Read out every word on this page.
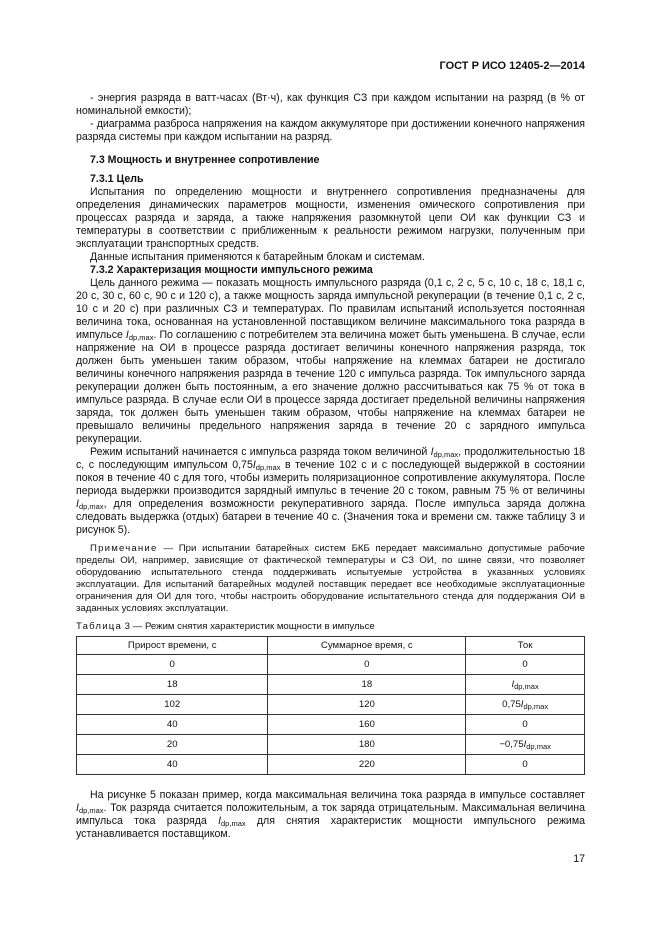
ГОСТ Р ИСО 12405-2—2014

- энергия разряда в ватт-часах (Вт·ч), как функция СЗ при каждом испытании на разряд (в % от номинальной емкости);

- диаграмма разброса напряжения на каждом аккумуляторе при достижении конечного напряжения разряда системы при каждом испытании на разряд.

7.3 Мощность и внутреннее сопротивление

7.3.1 Цель

Испытания по определению мощности и внутреннего сопротивления предназначены для определения динамических параметров мощности, изменения омического сопротивления при процессах разряда и заряда, а также напряжения разомкнутой цепи ОИ как функции СЗ и температуры в соответствии с приближенным к реальности режимом нагрузки, полученным при эксплуатации транспортных средств.

Данные испытания применяются к батарейным блокам и системам.

7.3.2 Характеризация мощности импульсного режима

Цель данного режима — показать мощность импульсного разряда (0,1 с, 2 с, 5 с, 10 с, 18 с, 18,1 с, 20 с, 30 с, 60 с, 90 с и 120 с), а также мощность заряда импульсной рекуперации (в течение 0,1 с, 2 с, 10 с и 20 с) при различных СЗ и температурах. По правилам испытаний используется постоянная величина тока, основанная на установленной поставщиком величине максимального тока разряда в импульсе $I_{dp,max}$. По соглашению с потребителем эта величина может быть уменьшена. В случае, если напряжение на ОИ в процессе разряда достигает величины конечного напряжения разряда, ток должен быть уменьшен таким образом, чтобы напряжение на клеммах батареи не достигало величины конечного напряжения разряда в течение 120 с импульса разряда. Ток импульсного заряда рекуперации должен быть постоянным, а его значение должно рассчитываться как 75 % от тока в импульсе разряда. В случае если ОИ в процессе заряда достигает предельной величины напряжения заряда, ток должен быть уменьшен таким образом, чтобы напряжение на клеммах батареи не превышало величины предельного напряжения заряда в течение 20 с зарядного импульса рекуперации.

Режим испытаний начинается с импульса разряда током величиной $I_{dp,max}$, продолжительностью 18 с, с последующим импульсом $0,75I_{dp,max}$ в течение 102 с и с последующей выдержкой в состоянии покоя в течение 40 с для того, чтобы измерить поляризационное сопротивление аккумулятора. После периода выдержки производится зарядный импульс в течение 20 с током, равным 75 % от величины $I_{dp,max}$, для определения возможности рекуперативного заряда. После импульса заряда должна следовать выдержка (отдых) батареи в течение 40 с. (Значения тока и времени см. также таблицу 3 и рисунок 5).

Примечание — При испытании батарейных систем БКБ передает максимально допустимые рабочие пределы ОИ, например, зависящие от фактической температуры и СЗ ОИ, по шине связи, что позволяет оборудованию испытательного стенда поддерживать испытуемые устройства в указанных условиях эксплуатации. Для испытаний батарейных модулей поставщик передает все необходимые эксплуатационные ограничения для ОИ для того, чтобы настроить оборудование испытательного стенда для поддержания ОИ в заданных условиях эксплуатации.

Таблица 3 — Режим снятия характеристик мощности в импульсе

Прирост времени, с	Суммарное время, с	Ток
0	0	0
18	18	$I_{dp,max}$
102	120	$0,75I_{dp,max}$
40	160	0
20	180	$-0,75I_{dp,max}$
40	220	0

На рисунке 5 показан пример, когда максимальная величина тока разряда в импульсе составляет $I_{dp,max}$. Ток разряда считается положительным, а ток заряда отрицательным. Максимальная величина импульса тока разряда $I_{dp,max}$ для снятия характеристик мощности импульсного режима устанавливается поставщиком.

17
